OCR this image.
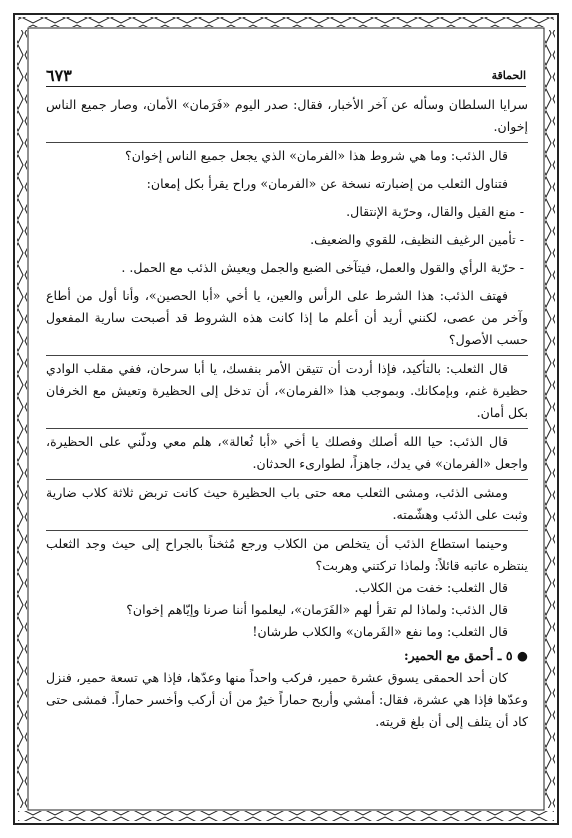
الحماقة
٦٧٣

سرايا السلطان وسأله عن آخر الأخبار، فقال: صدر اليوم «فَرَمان» الأمان، وصار جميع الناس إخوان.

قال الذئب: وما هي شروط هذا «الفرمان» الذي يجعل جميع الناس إخوان؟

فتناول الثعلب من إضبارته نسخة عن «الفرمان» وراح يقرأ بكل إمعان:

- منع القيل والقال، وحرّية الإنتقال.

- تأمين الرغيف النظيف، للقوي والضعيف.

- حرّية الرأي والقول والعمل، فيتآخى الضبع والجمل ويعيش الذئب مع الحمل. .

فهتف الذئب: هذا الشرط على الرأس والعين، يا أخي «أبا الحصين»، وأنا أول من أطاع وآخر من عصى، لكنني أريد أن أعلم ما إذا كانت هذه الشروط قد أصبحت سارية المفعول حسب الأصول؟

قال الثعلب: بالتأكيد، فإذا أردت أن تتيقن الأمر بنفسك، يا أبا سرحان، ففي مقلب الوادي حظيرة غنم، وبإمكانك. وبموجب هذا «الفرمان»، أن تدخل إلى الحظيرة وتعيش مع الخرفان بكل أمان.

قال الذئب: حيا الله أصلك وفصلك يا أخي «أبا ثُعالة»، هلم معي ودلّني على الحظيرة، واجعل «الفرمان» في يدك، جاهزاً، لطوارىء الحدثان.

ومشى الذئب، ومشى الثعلب معه حتى باب الحظيرة حيث كانت تربض ثلاثة كلاب ضارية وثبت على الذئب وهشّمته.

وحينما استطاع الذئب أن يتخلص من الكلاب ورجع مُثخناً بالجراح إلى حيث وجد الثعلب ينتظره عاتبه قائلاً: ولماذا تركتني وهربت؟

قال الثعلب: خفت من الكلاب.

قال الذئب: ولماذا لم تقرأ لهم «الفَرَمان»، ليعلموا أننا صرنا وإيّاهم إخوان؟

قال الثعلب: وما نفع «الفَرمان» والكلاب طرشان!

● ٥ ـ أحمق مع الحمير:

كان أحد الحمقى يسوق عشرة حمير، فركب واحداً منها وعدّها، فإذا هي تسعة حمير، فنزل وعدّها فإذا هي عشرة، فقال: أمشي وأربح حماراً خيرٌ من أن أركب وأخسر حماراً. فمشى حتى كاد أن يتلف إلى أن بلغ قريته.
